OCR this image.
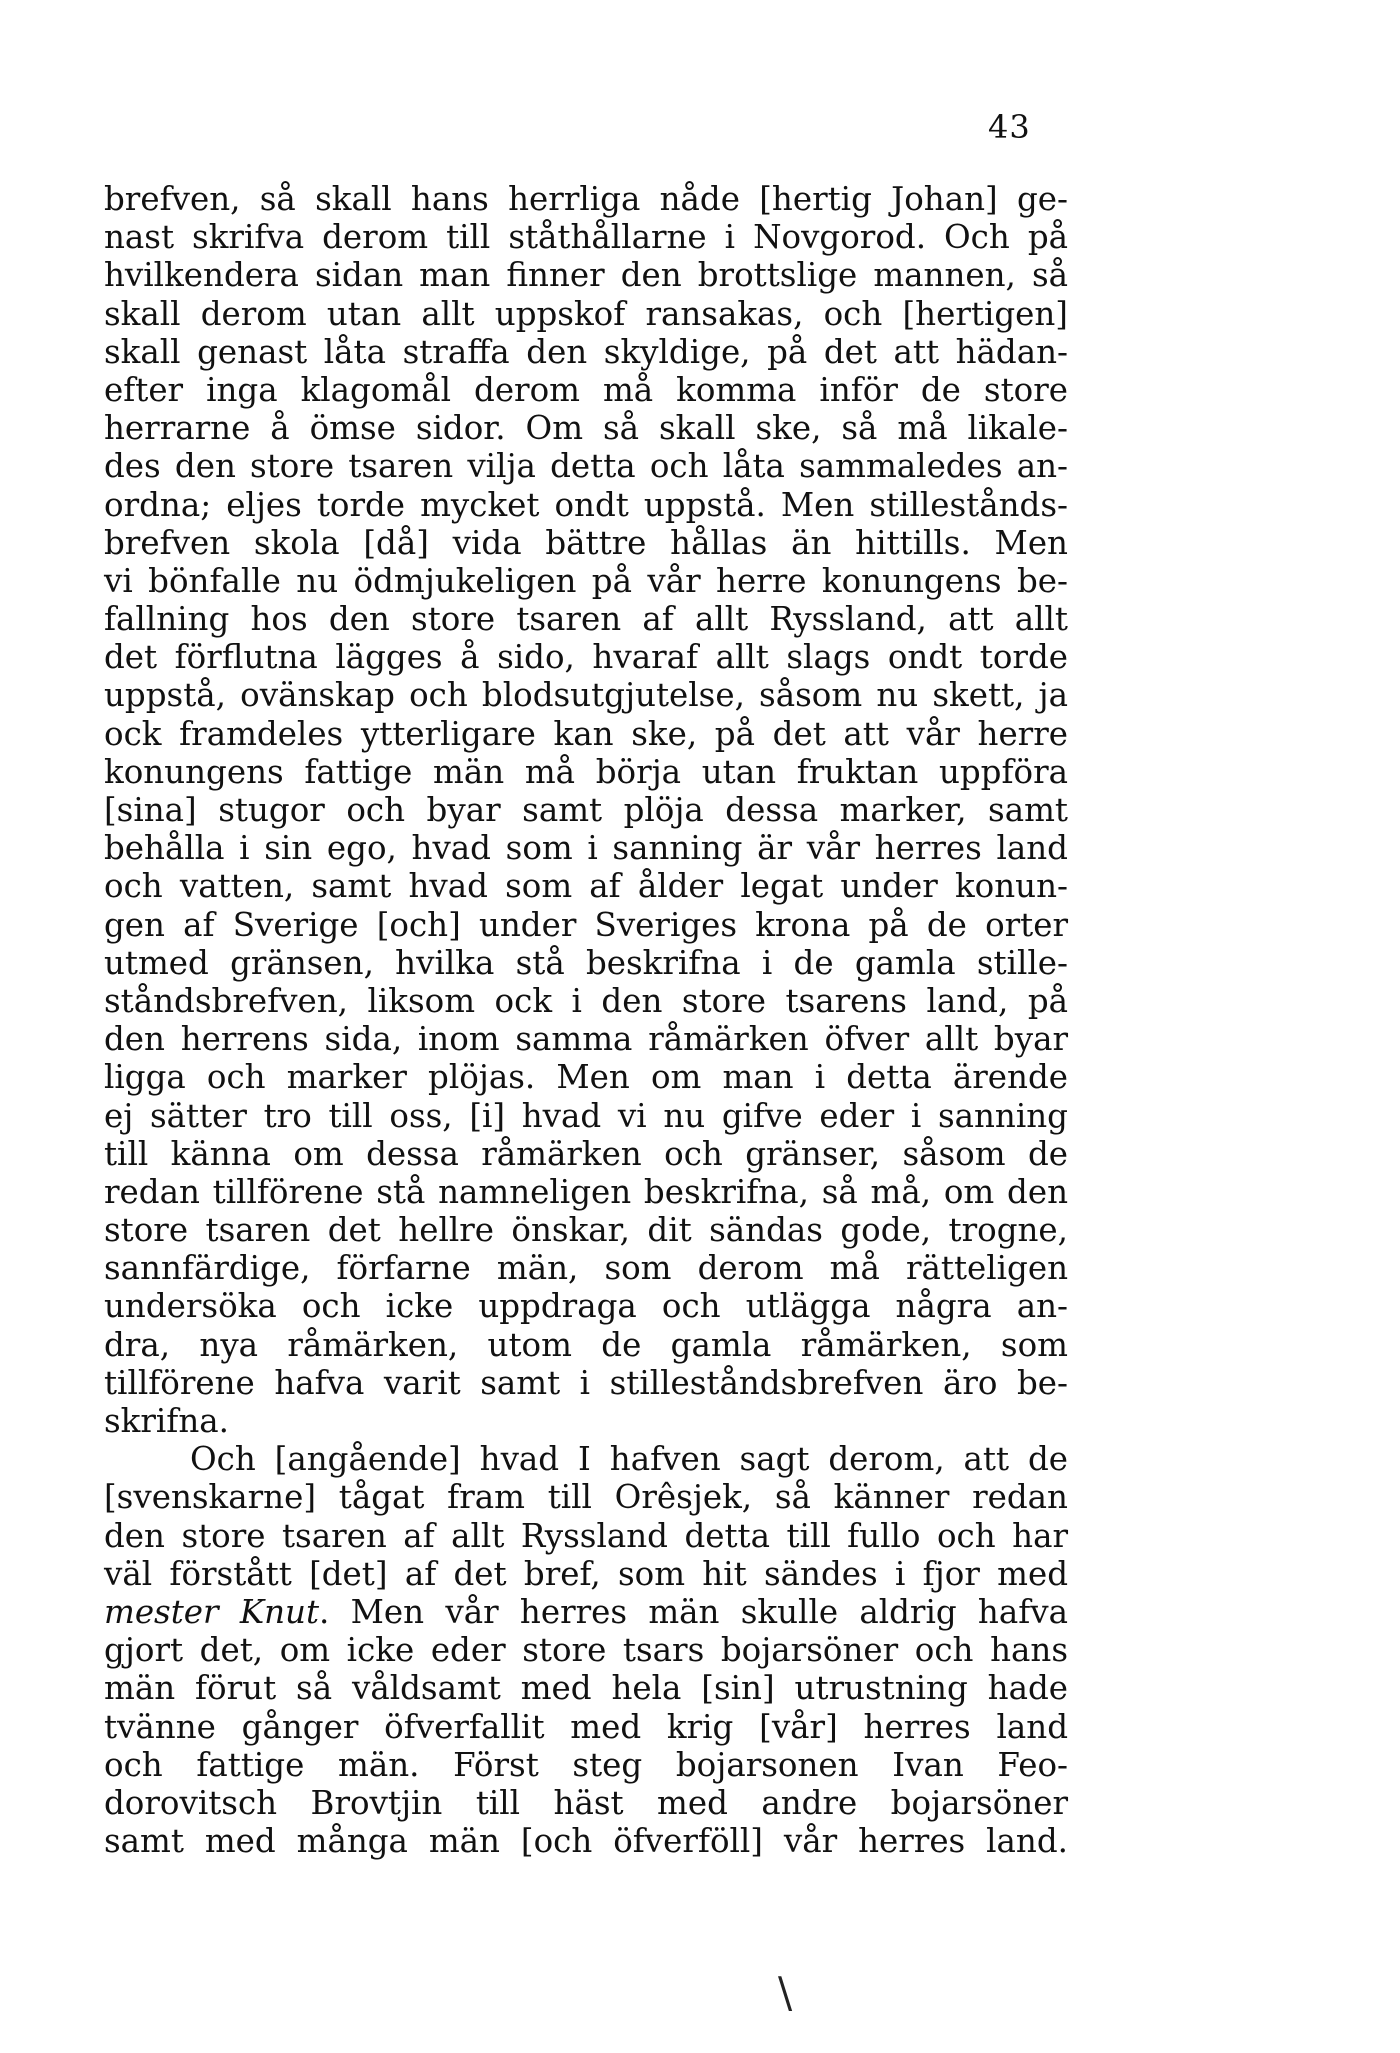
43
brefven, så skall hans herrliga nåde [hertig Johan] ge-
nast skrifva derom till ståthållarne i Novgorod. Och på
hvilkendera sidan man finner den brottslige mannen, så
skall derom utan allt uppskof ransakas, och [hertigen]
skall genast låta straffa den skyldige, på det att hädan-
efter inga klagomål derom må komma inför de store
herrarne å ömse sidor. Om så skall ske, så må likale-
des den store tsaren vilja detta och låta sammaledes an-
ordna; eljes torde mycket ondt uppstå. Men stillestånds-
brefven skola [då] vida bättre hållas än hittills. Men
vi bönfalle nu ödmjukeligen på vår herre konungens be-
fallning hos den store tsaren af allt Ryssland, att allt
det förflutna lägges å sido, hvaraf allt slags ondt torde
uppstå, ovänskap och blodsutgjutelse, såsom nu skett, ja
ock framdeles ytterligare kan ske, på det att vår herre
konungens fattige män må börja utan fruktan uppföra
[sina] stugor och byar samt plöja dessa marker, samt
behålla i sin ego, hvad som i sanning är vår herres land
och vatten, samt hvad som af ålder legat under konun-
gen af Sverige [och] under Sveriges krona på de orter
utmed gränsen, hvilka stå beskrifna i de gamla stille-
ståndsbrefven, liksom ock i den store tsarens land, på
den herrens sida, inom samma råmärken öfver allt byar
ligga och marker plöjas. Men om man i detta ärende
ej sätter tro till oss, [i] hvad vi nu gifve eder i sanning
till känna om dessa råmärken och gränser, såsom de
redan tillförene stå namneligen beskrifna, så må, om den
store tsaren det hellre önskar, dit sändas gode, trogne,
sannfärdige, förfarne män, som derom må rätteligen
undersöka och icke uppdraga och utlägga några an-
dra, nya råmärken, utom de gamla råmärken, som
tillförene hafva varit samt i stilleståndsbrefven äro be-
skrifna.
Och [angående] hvad I hafven sagt derom, att de
[svenskarne] tågat fram till Orêsjek, så känner redan
den store tsaren af allt Ryssland detta till fullo och har
väl förstått [det] af det bref, som hit sändes i fjor med
mester Knut. Men vår herres män skulle aldrig hafva
gjort det, om icke eder store tsars bojarsöner och hans
män förut så våldsamt med hela [sin] utrustning hade
tvänne gånger öfverfallit med krig [vår] herres land
och fattige män. Först steg bojarsonen Ivan Feo-
dorovitsch Brovtjin till häst med andre bojarsöner
samt med många män [och öfverföll] vår herres land.
\
